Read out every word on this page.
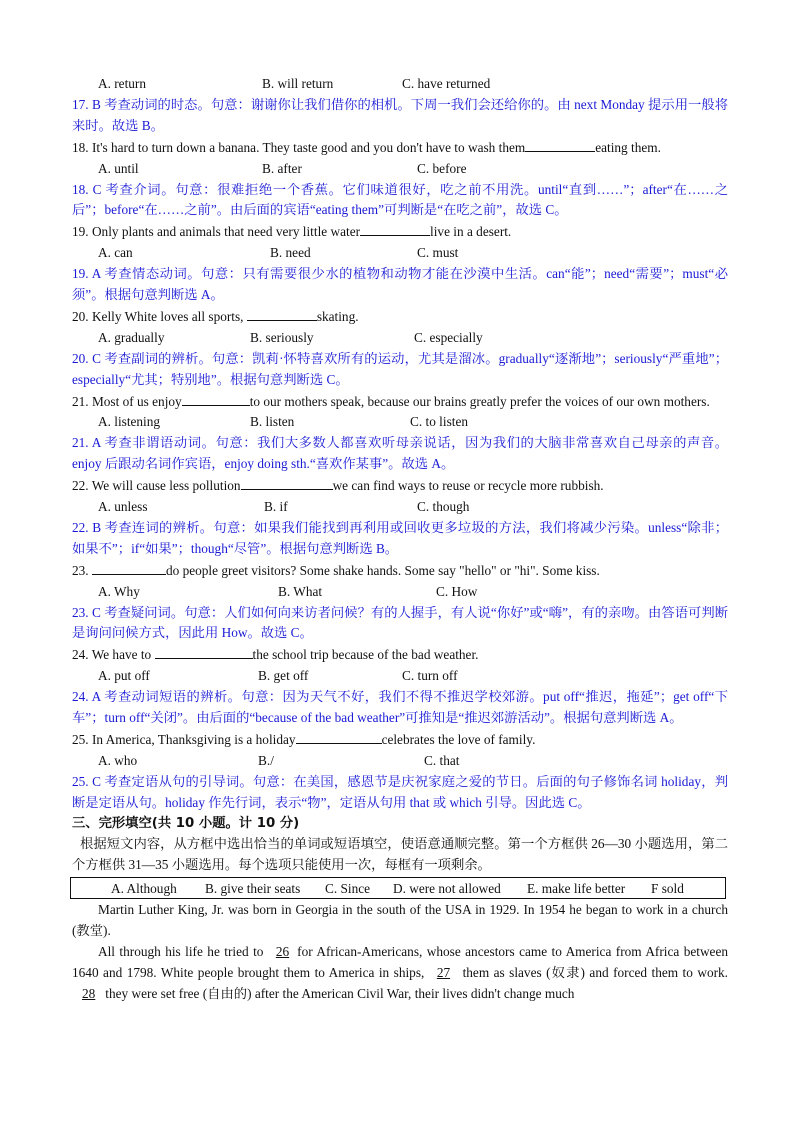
A. return	B. will return	C. have returned

17. B 考查动词的时态。句意：谢谢你让我们借你的相机。下周一我们会还给你的。由 next Monday 提示用一般将来时。故选 B。

18. It's hard to turn down a banana. They taste good and you don't have to wash them	eating them.

A. until	B. after	C. before

18. C 考查介词。句意：很难拒绝一个香蕉。它们味道很好，吃之前不用洗。until“直到……”；after“在……之后”；before“在……之前”。由后面的宾语“eating them”可判断是“在吃之前”，故选 C。

19. Only plants and animals that need very little water	live in a desert.

A. can	B. need	C. must

19. A 考查情态动词。句意：只有需要很少水的植物和动物才能在沙漠中生活。can“能”；need“需要”；must“必须”。根据句意判断选 A。

20. Kelly White loves all sports,	skating.

A. gradually	B. seriously	C. especially

20. C 考查副词的辨析。句意：凯莉·怀特喜欢所有的运动，尤其是溜冰。gradually“逐渐地”；seriously“严重地”；especially“尤其；特别地”。根据句意判断选 C。

21. Most of us enjoy	to our mothers speak, because our brains greatly prefer the voices of our own mothers.

A. listening	B. listen	C. to listen

21. A 考查非谓语动词。句意：我们大多数人都喜欢听母亲说话，因为我们的大脑非常喜欢自己母亲的声音。enjoy 后跟动名词作宾语，enjoy doing sth.“喜欢作某事”。故选 A。

22. We will cause less pollution	we can find ways to reuse or recycle more rubbish.

A. unless	B. if	C. though

22. B 考查连词的辨析。句意：如果我们能找到再利用或回收更多垃圾的方法，我们将减少污染。unless“除非；如果不”；if“如果”；though“尽管”。根据句意判断选 B。

23.	do people greet visitors? Some shake hands. Some say "hello" or "hi". Some kiss.

A. Why	B. What	C. How

23. C 考查疑问词。句意：人们如何向来访者问候？有的人握手，有人说“你好”或“嗨”，有的亲吻。由答语可判断是询问问候方式，因此用 How。故选 C。

24. We have to	the school trip because of the bad weather.

A. put off	B. get off	C. turn off

24. A 考查动词短语的辨析。句意：因为天气不好，我们不得不推迟学校郊游。put off“推迟，拖延”；get off“下车”；turn off“关闭”。由后面的“because of the bad weather”可推知是“推迟郊游活动”。根据句意判断选 A。

25. In America, Thanksgiving is a holiday	celebrates the love of family.

A. who	B./	C. that

25. C 考查定语从句的引导词。句意：在美国，感恩节是庆祝家庭之爱的节日。后面的句子修饰名词 holiday，判断是定语从句。holiday 作先行词，表示“物”，定语从句用 that 或 which 引导。因此选 C。

三、完形填空(共 10 小题。计 10 分)

根据短文内容，从方框中选出恰当的单词或短语填空，使语意通顺完整。第一个方框供 26—30 小题选用，第二个方框供 31—35 小题选用。每个选项只能使用一次，每框有一项剩余。

A. Although B. give their seats C. Since D. were not allowed E. make life better F sold

Martin Luther King, Jr. was born in Georgia in the south of the USA in 1929. In 1954 he began to work in a church (教堂).

All through his life he tried to 26 for African-Americans, whose ancestors came to America from Africa between 1640 and 1798. White people brought them to America in ships, 27 them as slaves (奴隶) and forced them to work. 28 they were set free (自由的) after the American Civil War, their lives didn't change much
